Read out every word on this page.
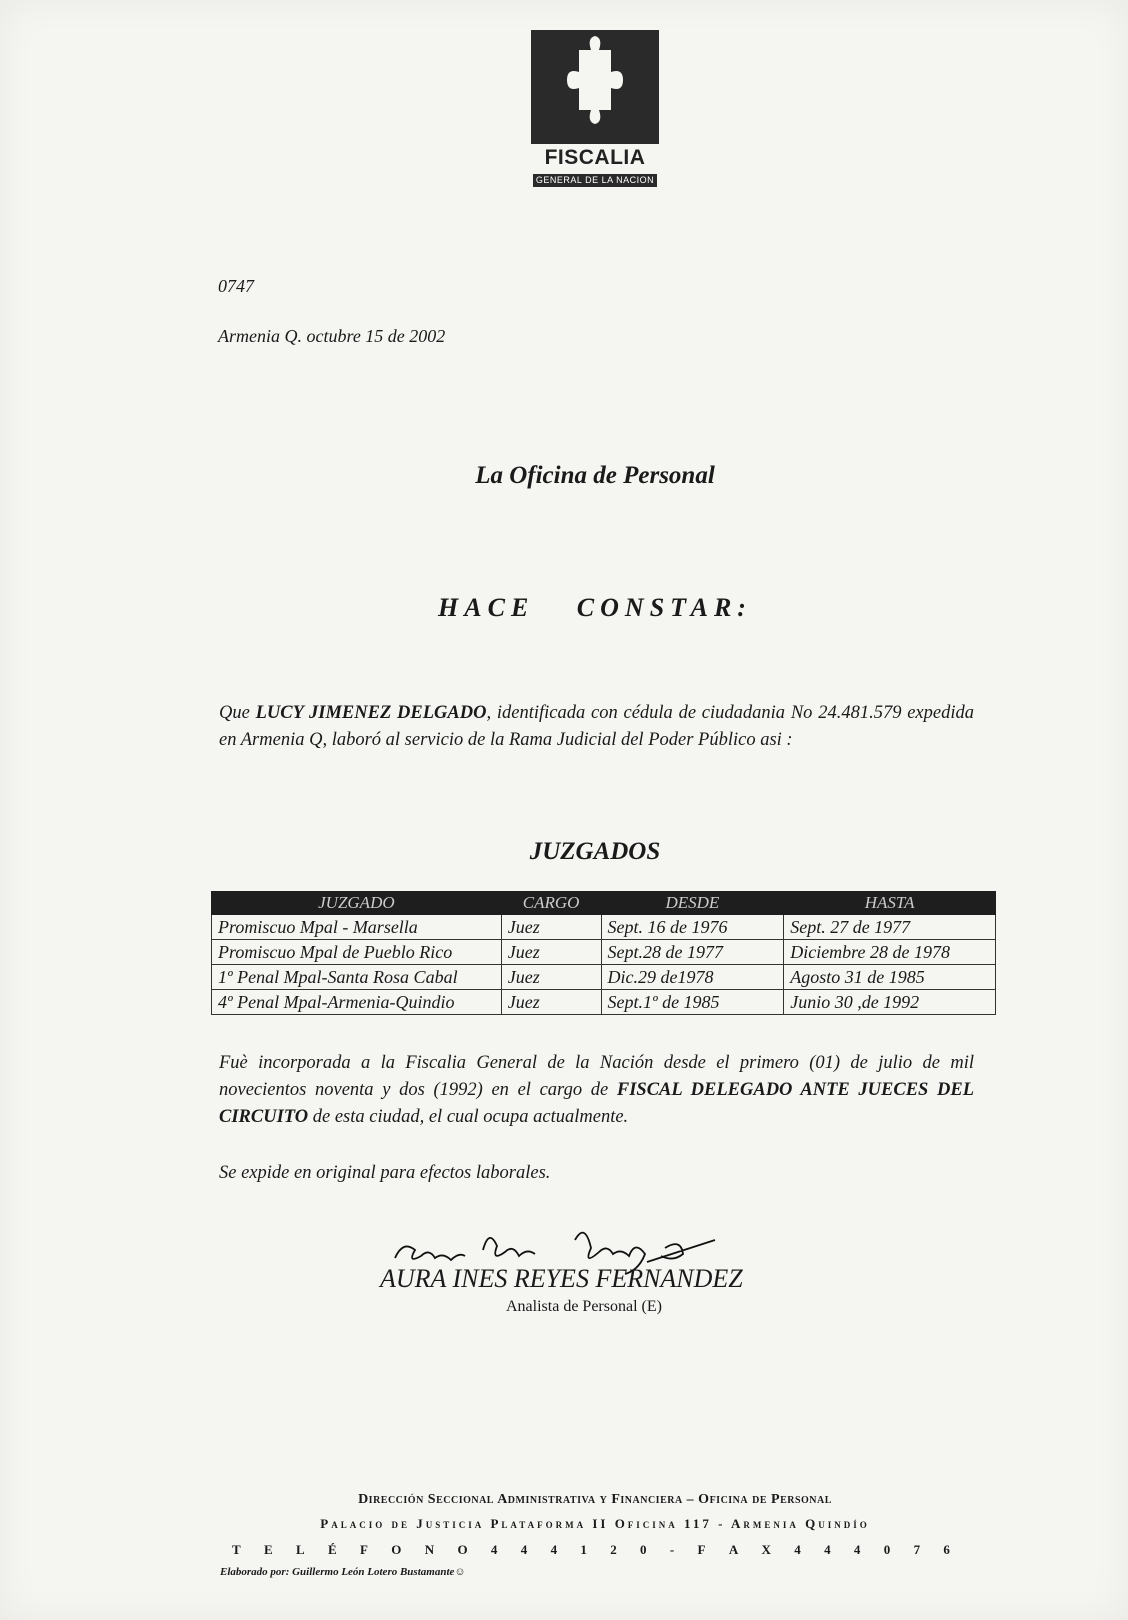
FISCALIA
GENERAL DE LA NACION
0747
Armenia Q. octubre 15 de 2002
La Oficina de Personal
HACE CONSTAR:
Que LUCY JIMENEZ DELGADO, identificada con cédula de ciudadania No 24.481.579 expedida en Armenia Q, laboró al servicio de la Rama Judicial del Poder Público asi :
JUZGADOS
JUZGADO	CARGO	DESDE	HASTA
Promiscuo Mpal - Marsella	Juez	Sept. 16 de 1976	Sept. 27 de 1977
Promiscuo Mpal de Pueblo Rico	Juez	Sept.28 de 1977	Diciembre 28 de 1978
1º Penal Mpal-Santa Rosa Cabal	Juez	Dic.29 de1978	Agosto 31 de 1985
4º Penal Mpal-Armenia-Quindio	Juez	Sept.1º de 1985	Junio 30 ,de 1992
Fuè incorporada a la Fiscalia General de la Nación desde el primero (01) de julio de mil novecientos noventa y dos (1992) en el cargo de FISCAL DELEGADO ANTE JUECES DEL CIRCUITO de esta ciudad, el cual ocupa actualmente.
Se expide en original para efectos laborales.
AURA INES REYES FERNANDEZ
Analista de Personal (E)
Dirección Seccional Administrativa y Financiera – Oficina de Personal
Palacio de Justicia Plataforma II Oficina 117 - Armenia Quindío
T E L É F O N O 4 4 4 1 2 0 - F A X 4 4 4 0 7 6
Elaborado por: Guillermo León Lotero Bustamante☺
